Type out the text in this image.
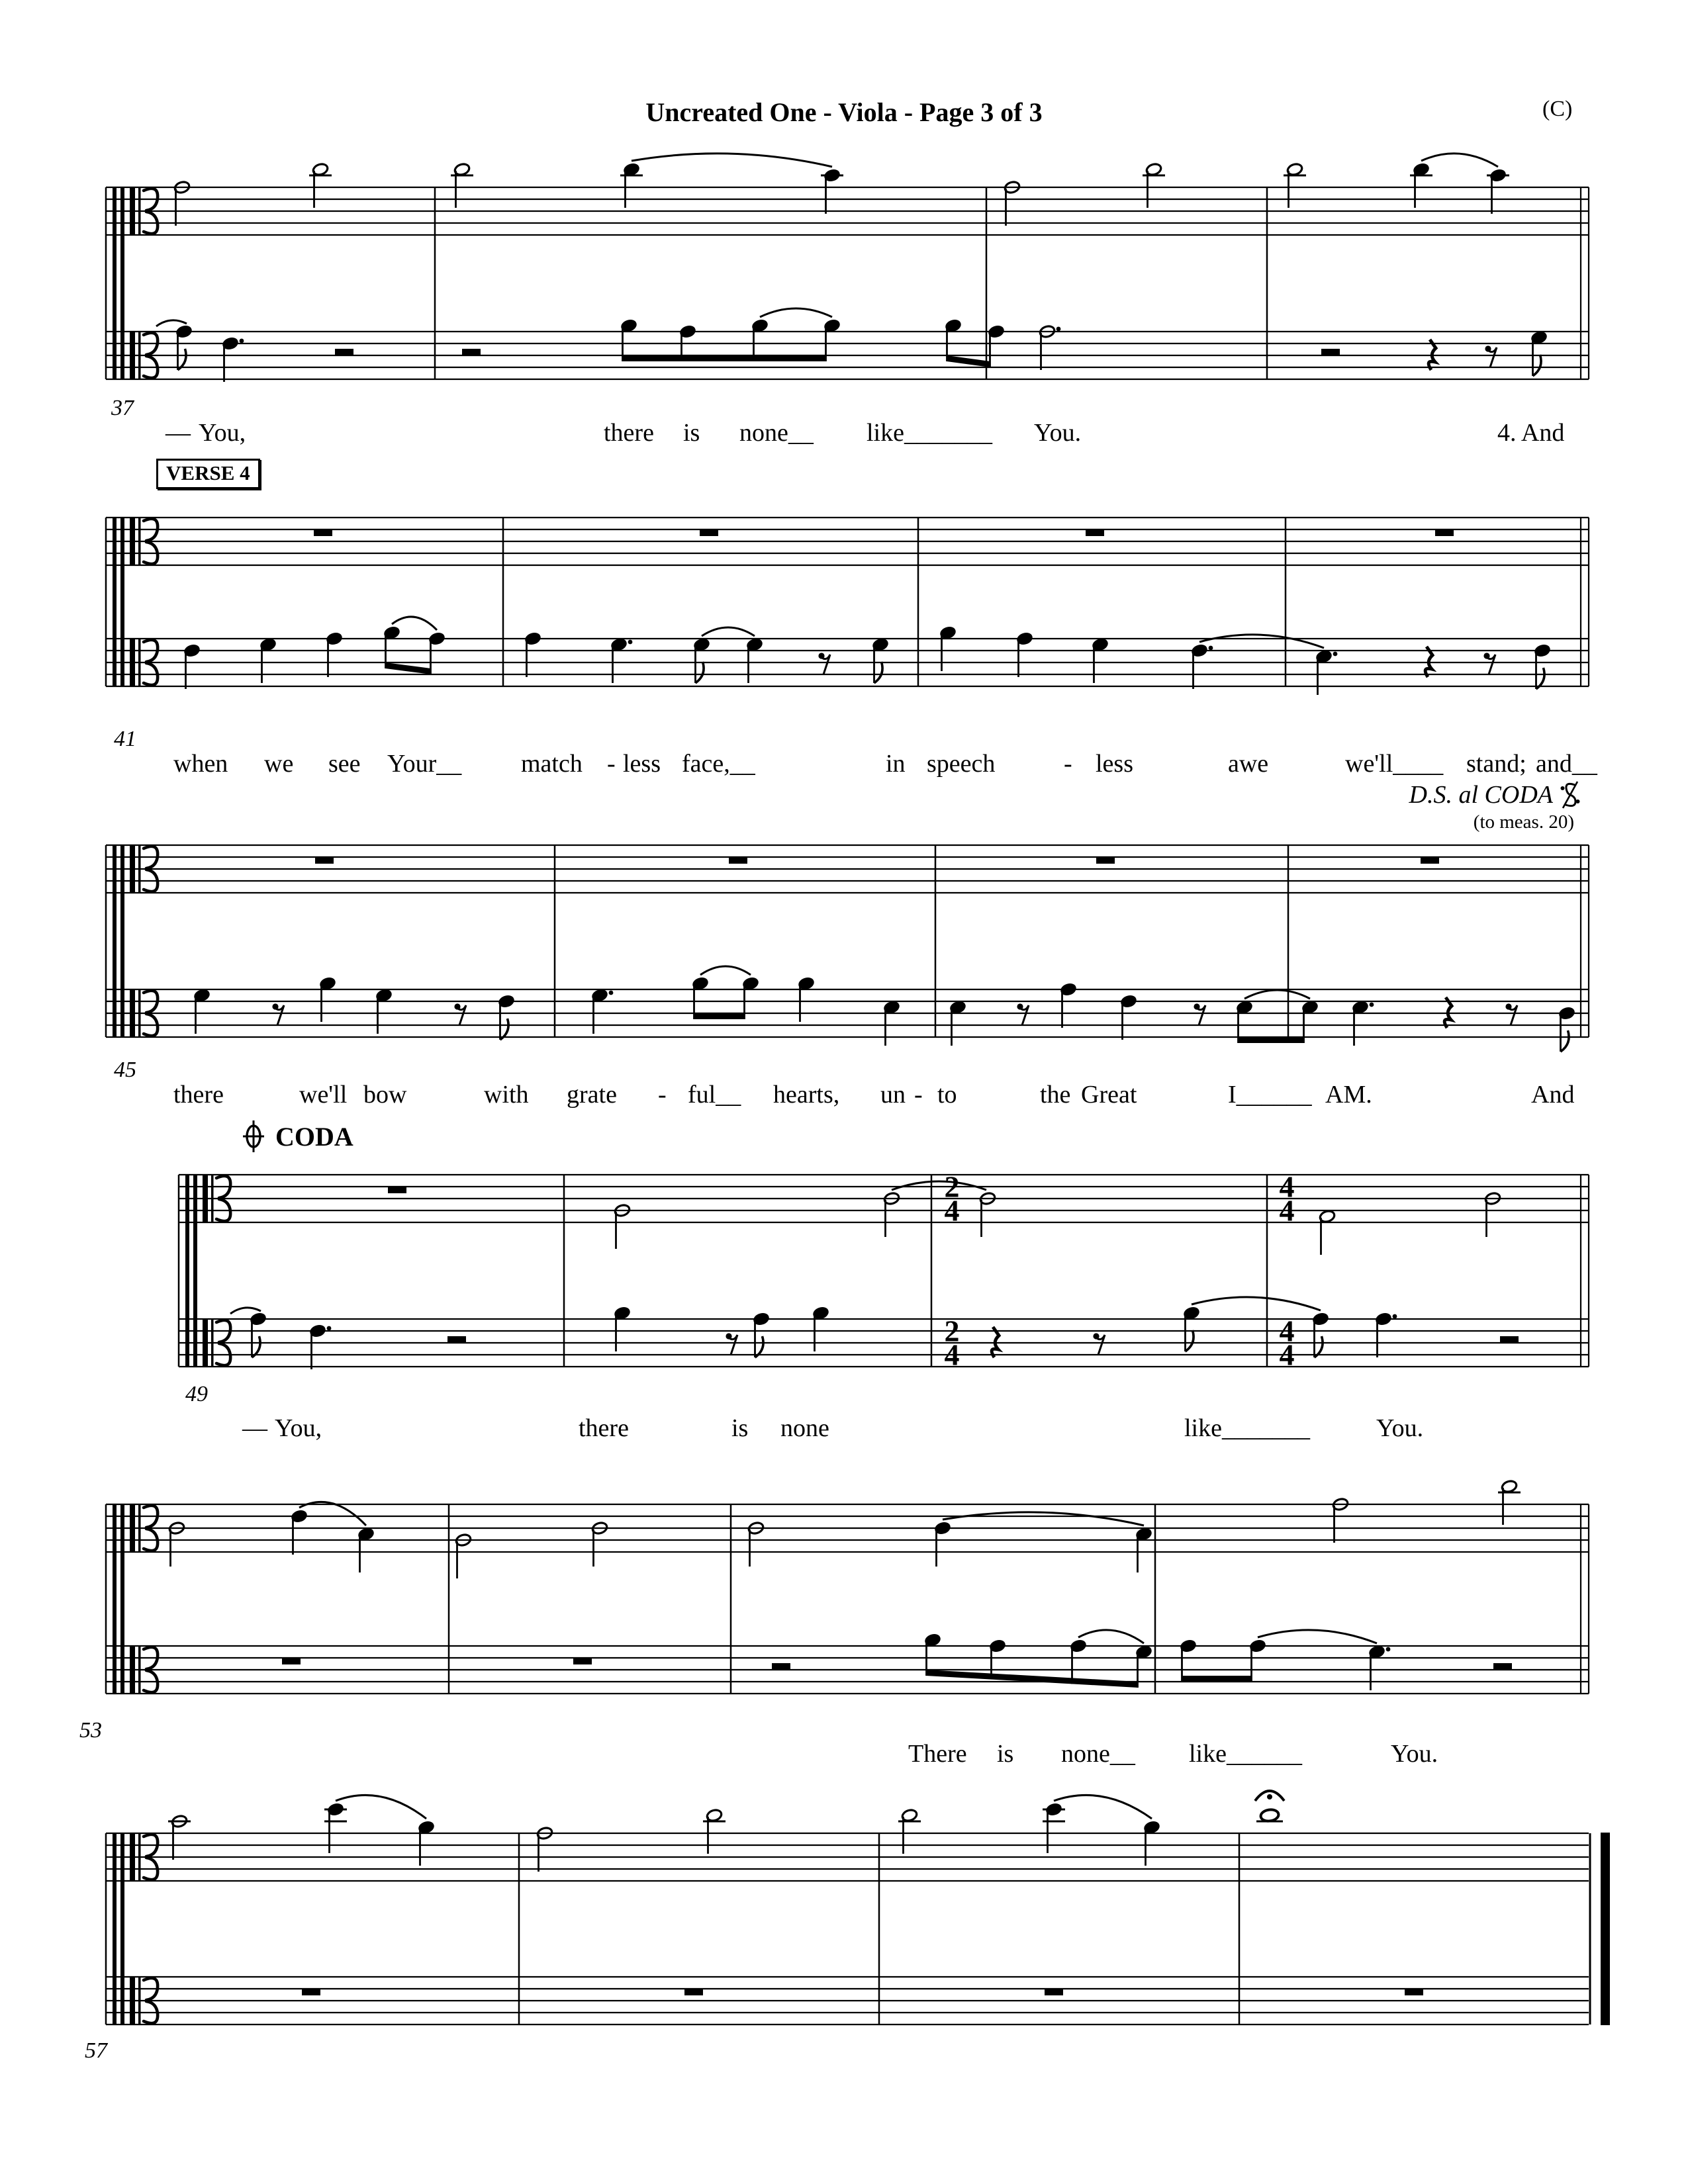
2
4
4
4
2
4
4
4
Uncreated One - Viola - Page 3 of 3	(C)
VERSE 4
D.S. al CODA
(to meas. 20)
CODA
37
— You,	there is none__ like_______ You.	4. And
41
when we see Your__ match - less face,__	in speech	- less	awe	we'll____ stand; and__
45
there	we'll bow	with grate - ful__ hearts, un - to	the Great	I______ AM.	And
49
— You,	there	is none	like_______	You.
53
There is none__ like______	You.
57
